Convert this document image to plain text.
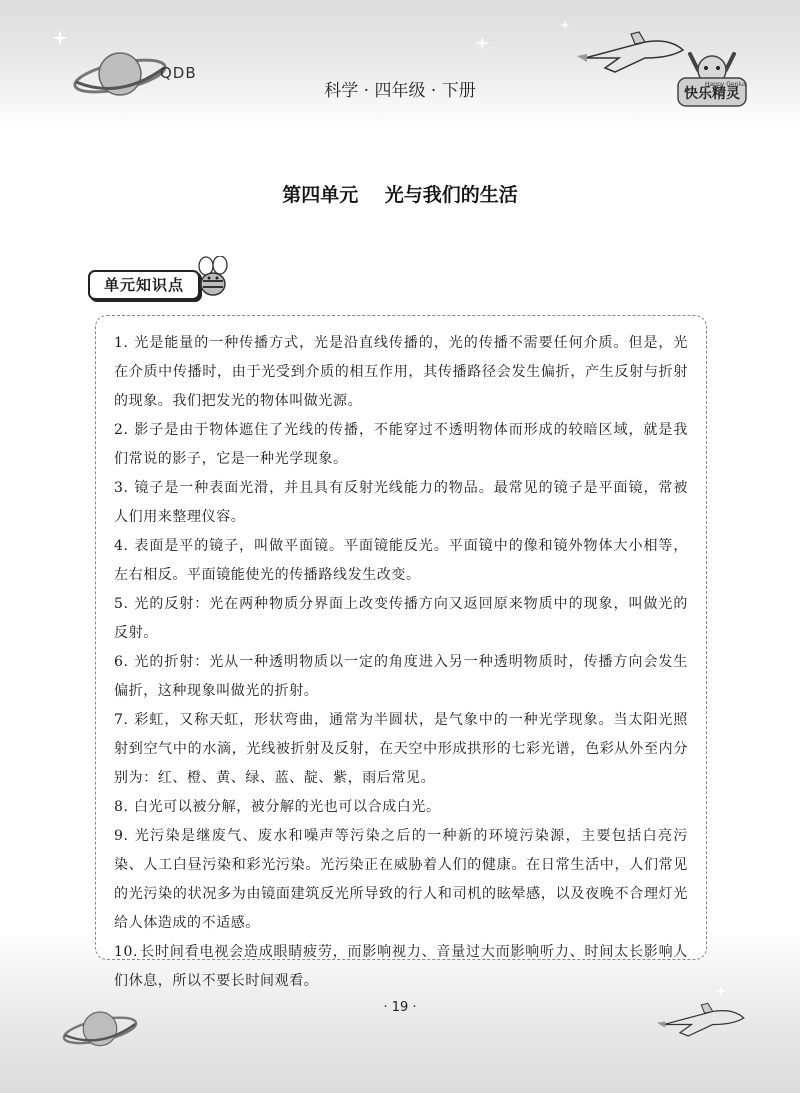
QDB
科学 · 四年级 · 下册	快乐精灵
Happy Genius
第四单元    光与我们的生活
单元知识点
1. 光是能量的一种传播方式，光是沿直线传播的，光的传播不需要任何介质。但是，光在介质中传播时，由于光受到介质的相互作用，其传播路径会发生偏折，产生反射与折射的现象。我们把发光的物体叫做光源。
2. 影子是由于物体遮住了光线的传播，不能穿过不透明物体而形成的较暗区域，就是我们常说的影子，它是一种光学现象。
3. 镜子是一种表面光滑，并且具有反射光线能力的物品。最常见的镜子是平面镜，常被人们用来整理仪容。
4. 表面是平的镜子，叫做平面镜。平面镜能反光。平面镜中的像和镜外物体大小相等，左右相反。平面镜能使光的传播路线发生改变。
5. 光的反射：光在两种物质分界面上改变传播方向又返回原来物质中的现象，叫做光的反射。
6. 光的折射：光从一种透明物质以一定的角度进入另一种透明物质时，传播方向会发生偏折，这种现象叫做光的折射。
7. 彩虹，又称天虹，形状弯曲，通常为半圆状，是气象中的一种光学现象。当太阳光照射到空气中的水滴，光线被折射及反射，在天空中形成拱形的七彩光谱，色彩从外至内分别为：红、橙、黄、绿、蓝、靛、紫，雨后常见。
8. 白光可以被分解，被分解的光也可以合成白光。
9. 光污染是继废气、废水和噪声等污染之后的一种新的环境污染源，主要包括白亮污染、人工白昼污染和彩光污染。光污染正在威胁着人们的健康。在日常生活中，人们常见的光污染的状况多为由镜面建筑反光所导致的行人和司机的眩晕感，以及夜晚不合理灯光给人体造成的不适感。
10. 长时间看电视会造成眼睛疲劳，而影响视力、音量过大而影响听力、时间太长影响人们休息，所以不要长时间观看。
· 19 ·
